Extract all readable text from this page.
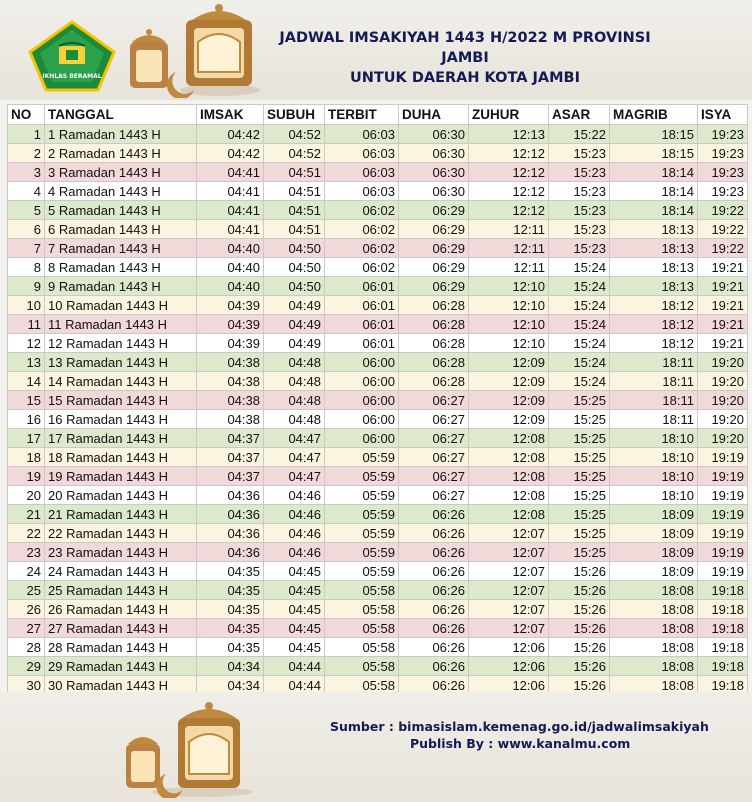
IKHLAS BERAMAL
JADWAL IMSAKIYAH 1443 H/2022 M PROVINSI
JAMBI
UNTUK DAERAH KOTA JAMBI
NO	TANGGAL	IMSAK	SUBUH	TERBIT	DUHA	ZUHUR	ASAR	MAGRIB	ISYA
1	1 Ramadan 1443 H	04:42	04:52	06:03	06:30	12:13	15:22	18:15	19:23
2	2 Ramadan 1443 H	04:42	04:52	06:03	06:30	12:12	15:23	18:15	19:23
3	3 Ramadan 1443 H	04:41	04:51	06:03	06:30	12:12	15:23	18:14	19:23
4	4 Ramadan 1443 H	04:41	04:51	06:03	06:30	12:12	15:23	18:14	19:23
5	5 Ramadan 1443 H	04:41	04:51	06:02	06:29	12:12	15:23	18:14	19:22
6	6 Ramadan 1443 H	04:41	04:51	06:02	06:29	12:11	15:23	18:13	19:22
7	7 Ramadan 1443 H	04:40	04:50	06:02	06:29	12:11	15:23	18:13	19:22
8	8 Ramadan 1443 H	04:40	04:50	06:02	06:29	12:11	15:24	18:13	19:21
9	9 Ramadan 1443 H	04:40	04:50	06:01	06:29	12:10	15:24	18:13	19:21
10	10 Ramadan 1443 H	04:39	04:49	06:01	06:28	12:10	15:24	18:12	19:21
11	11 Ramadan 1443 H	04:39	04:49	06:01	06:28	12:10	15:24	18:12	19:21
12	12 Ramadan 1443 H	04:39	04:49	06:01	06:28	12:10	15:24	18:12	19:21
13	13 Ramadan 1443 H	04:38	04:48	06:00	06:28	12:09	15:24	18:11	19:20
14	14 Ramadan 1443 H	04:38	04:48	06:00	06:28	12:09	15:24	18:11	19:20
15	15 Ramadan 1443 H	04:38	04:48	06:00	06:27	12:09	15:25	18:11	19:20
16	16 Ramadan 1443 H	04:38	04:48	06:00	06:27	12:09	15:25	18:11	19:20
17	17 Ramadan 1443 H	04:37	04:47	06:00	06:27	12:08	15:25	18:10	19:20
18	18 Ramadan 1443 H	04:37	04:47	05:59	06:27	12:08	15:25	18:10	19:19
19	19 Ramadan 1443 H	04:37	04:47	05:59	06:27	12:08	15:25	18:10	19:19
20	20 Ramadan 1443 H	04:36	04:46	05:59	06:27	12:08	15:25	18:10	19:19
21	21 Ramadan 1443 H	04:36	04:46	05:59	06:26	12:08	15:25	18:09	19:19
22	22 Ramadan 1443 H	04:36	04:46	05:59	06:26	12:07	15:25	18:09	19:19
23	23 Ramadan 1443 H	04:36	04:46	05:59	06:26	12:07	15:25	18:09	19:19
24	24 Ramadan 1443 H	04:35	04:45	05:59	06:26	12:07	15:26	18:09	19:19
25	25 Ramadan 1443 H	04:35	04:45	05:58	06:26	12:07	15:26	18:08	19:18
26	26 Ramadan 1443 H	04:35	04:45	05:58	06:26	12:07	15:26	18:08	19:18
27	27 Ramadan 1443 H	04:35	04:45	05:58	06:26	12:07	15:26	18:08	19:18
28	28 Ramadan 1443 H	04:35	04:45	05:58	06:26	12:06	15:26	18:08	19:18
29	29 Ramadan 1443 H	04:34	04:44	05:58	06:26	12:06	15:26	18:08	19:18
30	30 Ramadan 1443 H	04:34	04:44	05:58	06:26	12:06	15:26	18:08	19:18
Sumber : bimasislam.kemenag.go.id/jadwalimsakiyah
Publish By : www.kanalmu.com
